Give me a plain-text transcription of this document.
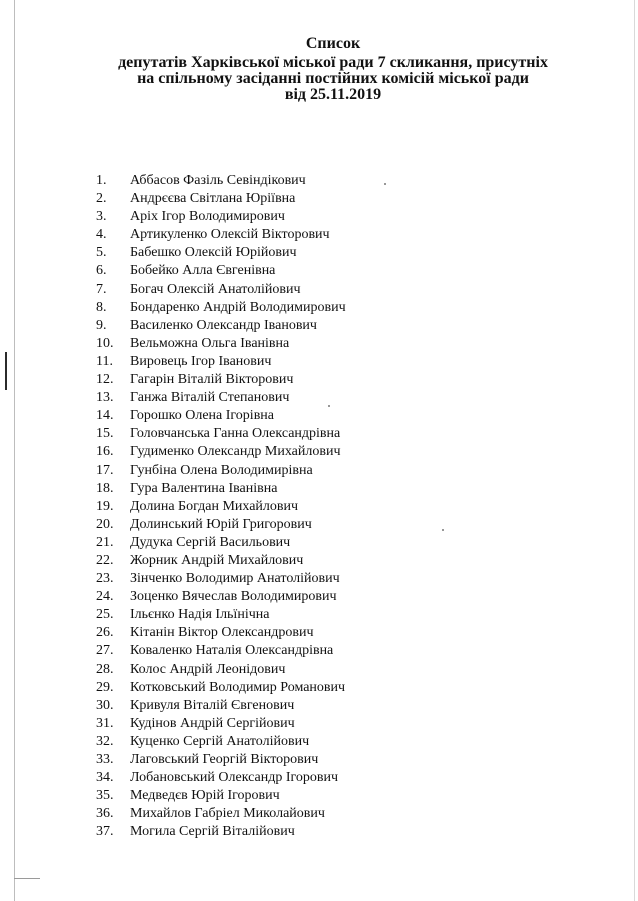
Список

депутатів Харківської міської ради 7 скликання, присутніх

на спільному засіданні постійних комісій міської ради

від 25.11.2019

1. Аббасов Фазіль Севіндікович
2. Андрєєва Світлана Юріївна
3. Аріх Ігор Володимирович
4. Артикуленко Олексій Вікторович
5. Бабешко Олексій Юрійович
6. Бобейко Алла Євгенівна
7. Богач Олексій Анатолійович
8. Бондаренко Андрій Володимирович
9. Василенко Олександр Іванович
10. Вельможна Ольга Іванівна
11. Вировець Ігор Іванович
12. Гагарін Віталій Вікторович
13. Ганжа Віталій Степанович
14. Горошко Олена Ігорівна
15. Головчанська Ганна Олександрівна
16. Гудименко Олександр Михайлович
17. Гунбіна Олена Володимирівна
18. Гура Валентина Іванівна
19. Долина Богдан Михайлович
20. Долинський Юрій Григорович
21. Дудука Сергій Васильович
22. Жорник Андрій Михайлович
23. Зінченко Володимир Анатолійович
24. Зоценко Вячеслав Володимирович
25. Ільєнко Надія Ільїнічна
26. Кітанін Віктор Олександрович
27. Коваленко Наталія Олександрівна
28. Колос Андрій Леонідович
29. Котковський Володимир Романович
30. Кривуля Віталій Євгенович
31. Кудінов Андрій Сергійович
32. Куценко Сергій Анатолійович
33. Лаговський Георгій Вікторович
34. Лобановський Олександр Ігорович
35. Медведєв Юрій Ігорович
36. Михайлов Габріел Миколайович
37. Могила Сергій Віталійович
